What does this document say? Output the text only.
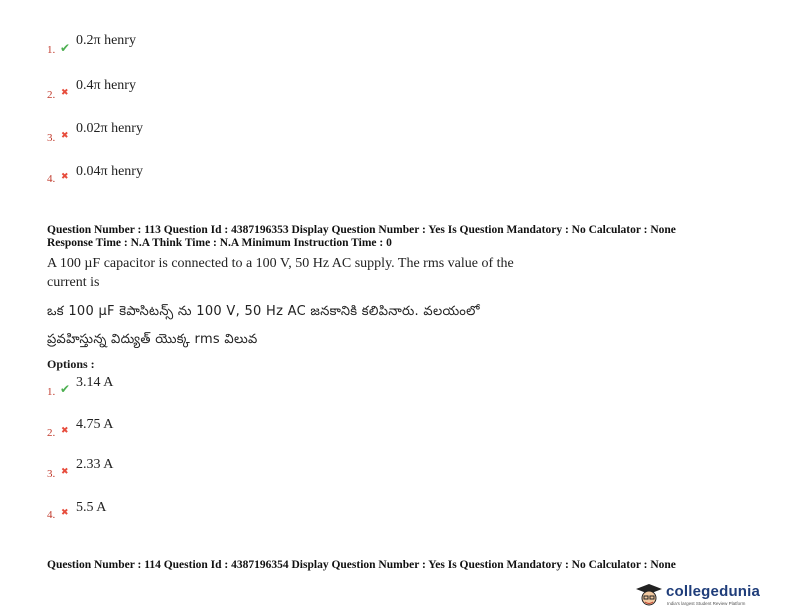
1. ✔ 0.2π henry
2. ✖ 0.4π henry
3. ✖ 0.02π henry
4. ✖ 0.04π henry
Question Number : 113 Question Id : 4387196353 Display Question Number : Yes Is Question Mandatory : No Calculator : None
Response Time : N.A Think Time : N.A Minimum Instruction Time : 0
A 100 µF capacitor is connected to a 100 V, 50 Hz AC supply. The rms value of the
current is
ఒక 100 µF కెపాసిటన్స్ ను 100 V, 50 Hz AC జనకానికి కలిపినారు. వలయంలో
ప్రవహిస్తున్న విద్యుత్ యొక్క rms విలువ
Options :
1. ✔ 3.14 A
2. ✖ 4.75 A
3. ✖ 2.33 A
4. ✖ 5.5 A
Question Number : 114 Question Id : 4387196354 Display Question Number : Yes Is Question Mandatory : No Calculator : None
collegedunia
India's largest Student Review Platform
